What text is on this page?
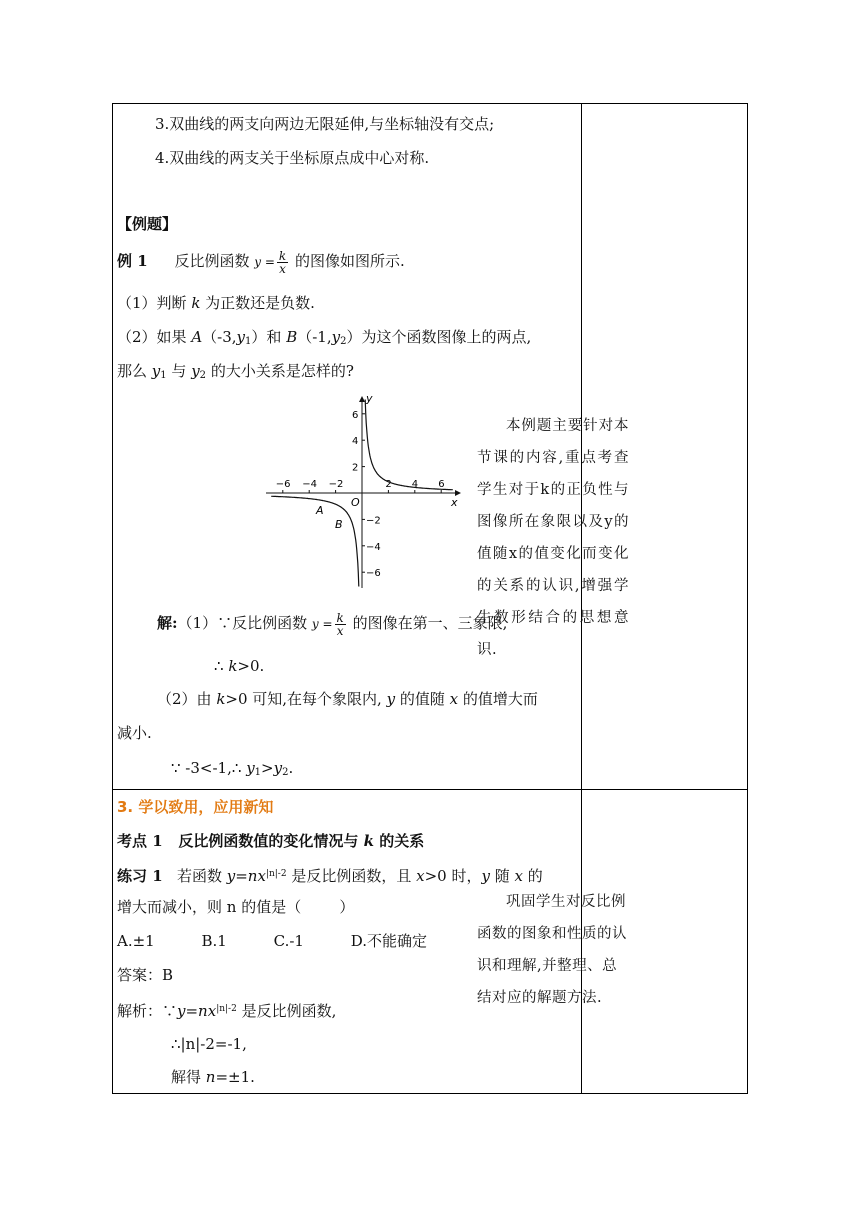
3.双曲线的两支向两边无限延伸,与坐标轴没有交点;
4.双曲线的两支关于坐标原点成中心对称.
【例题】
例 1 反比例函数 $y = \frac{k}{x}$ 的图像如图所示.
（1）判断 k 为正数还是负数.
（2）如果 $A(-3,y_1)$和 $B(-1,y_2)$为这个函数图像上的两点,
那么 $y_1$ 与 $y_2$ 的大小关系是怎样的?
−6 −4 −2	2 4 6
6
4
2
−2
−4
−6
x
y
O
A
B
解:（1）∵反比例函数 $y = \frac{k}{x}$ 的图像在第一、三象限,
∴ k>0.
（2）由 k>0 可知,在每个象限内, y 的值随 x 的值增大而
减小.
∵ -3<-1,∴ $y_1>y_2$.
3. 学以致用，应用新知
考点 1   反比例函数值的变化情况与 k 的关系
练习 1   若函数 $y=nx^{|n|-2}$ 是反比例函数，且 x>0 时，y 随 x 的
增大而减小，则 n 的值是（        ）
A.±1	B.1	C.-1	D.不能确定
答案：B
解析：$\because y=nx^{|n|-2}$ 是反比例函数,
∴|n|-2=-1,
解得 n=±1.
本例题主要针对本节课的内容,重点考查学生对于k的正负性与图像所在象限以及y的值随x的值变化而变化的关系的认识,增强学生数形结合的思想意识.
巩固学生对反比例函数的图象和性质的认识和理解,并整理、总结对应的解题方法.
